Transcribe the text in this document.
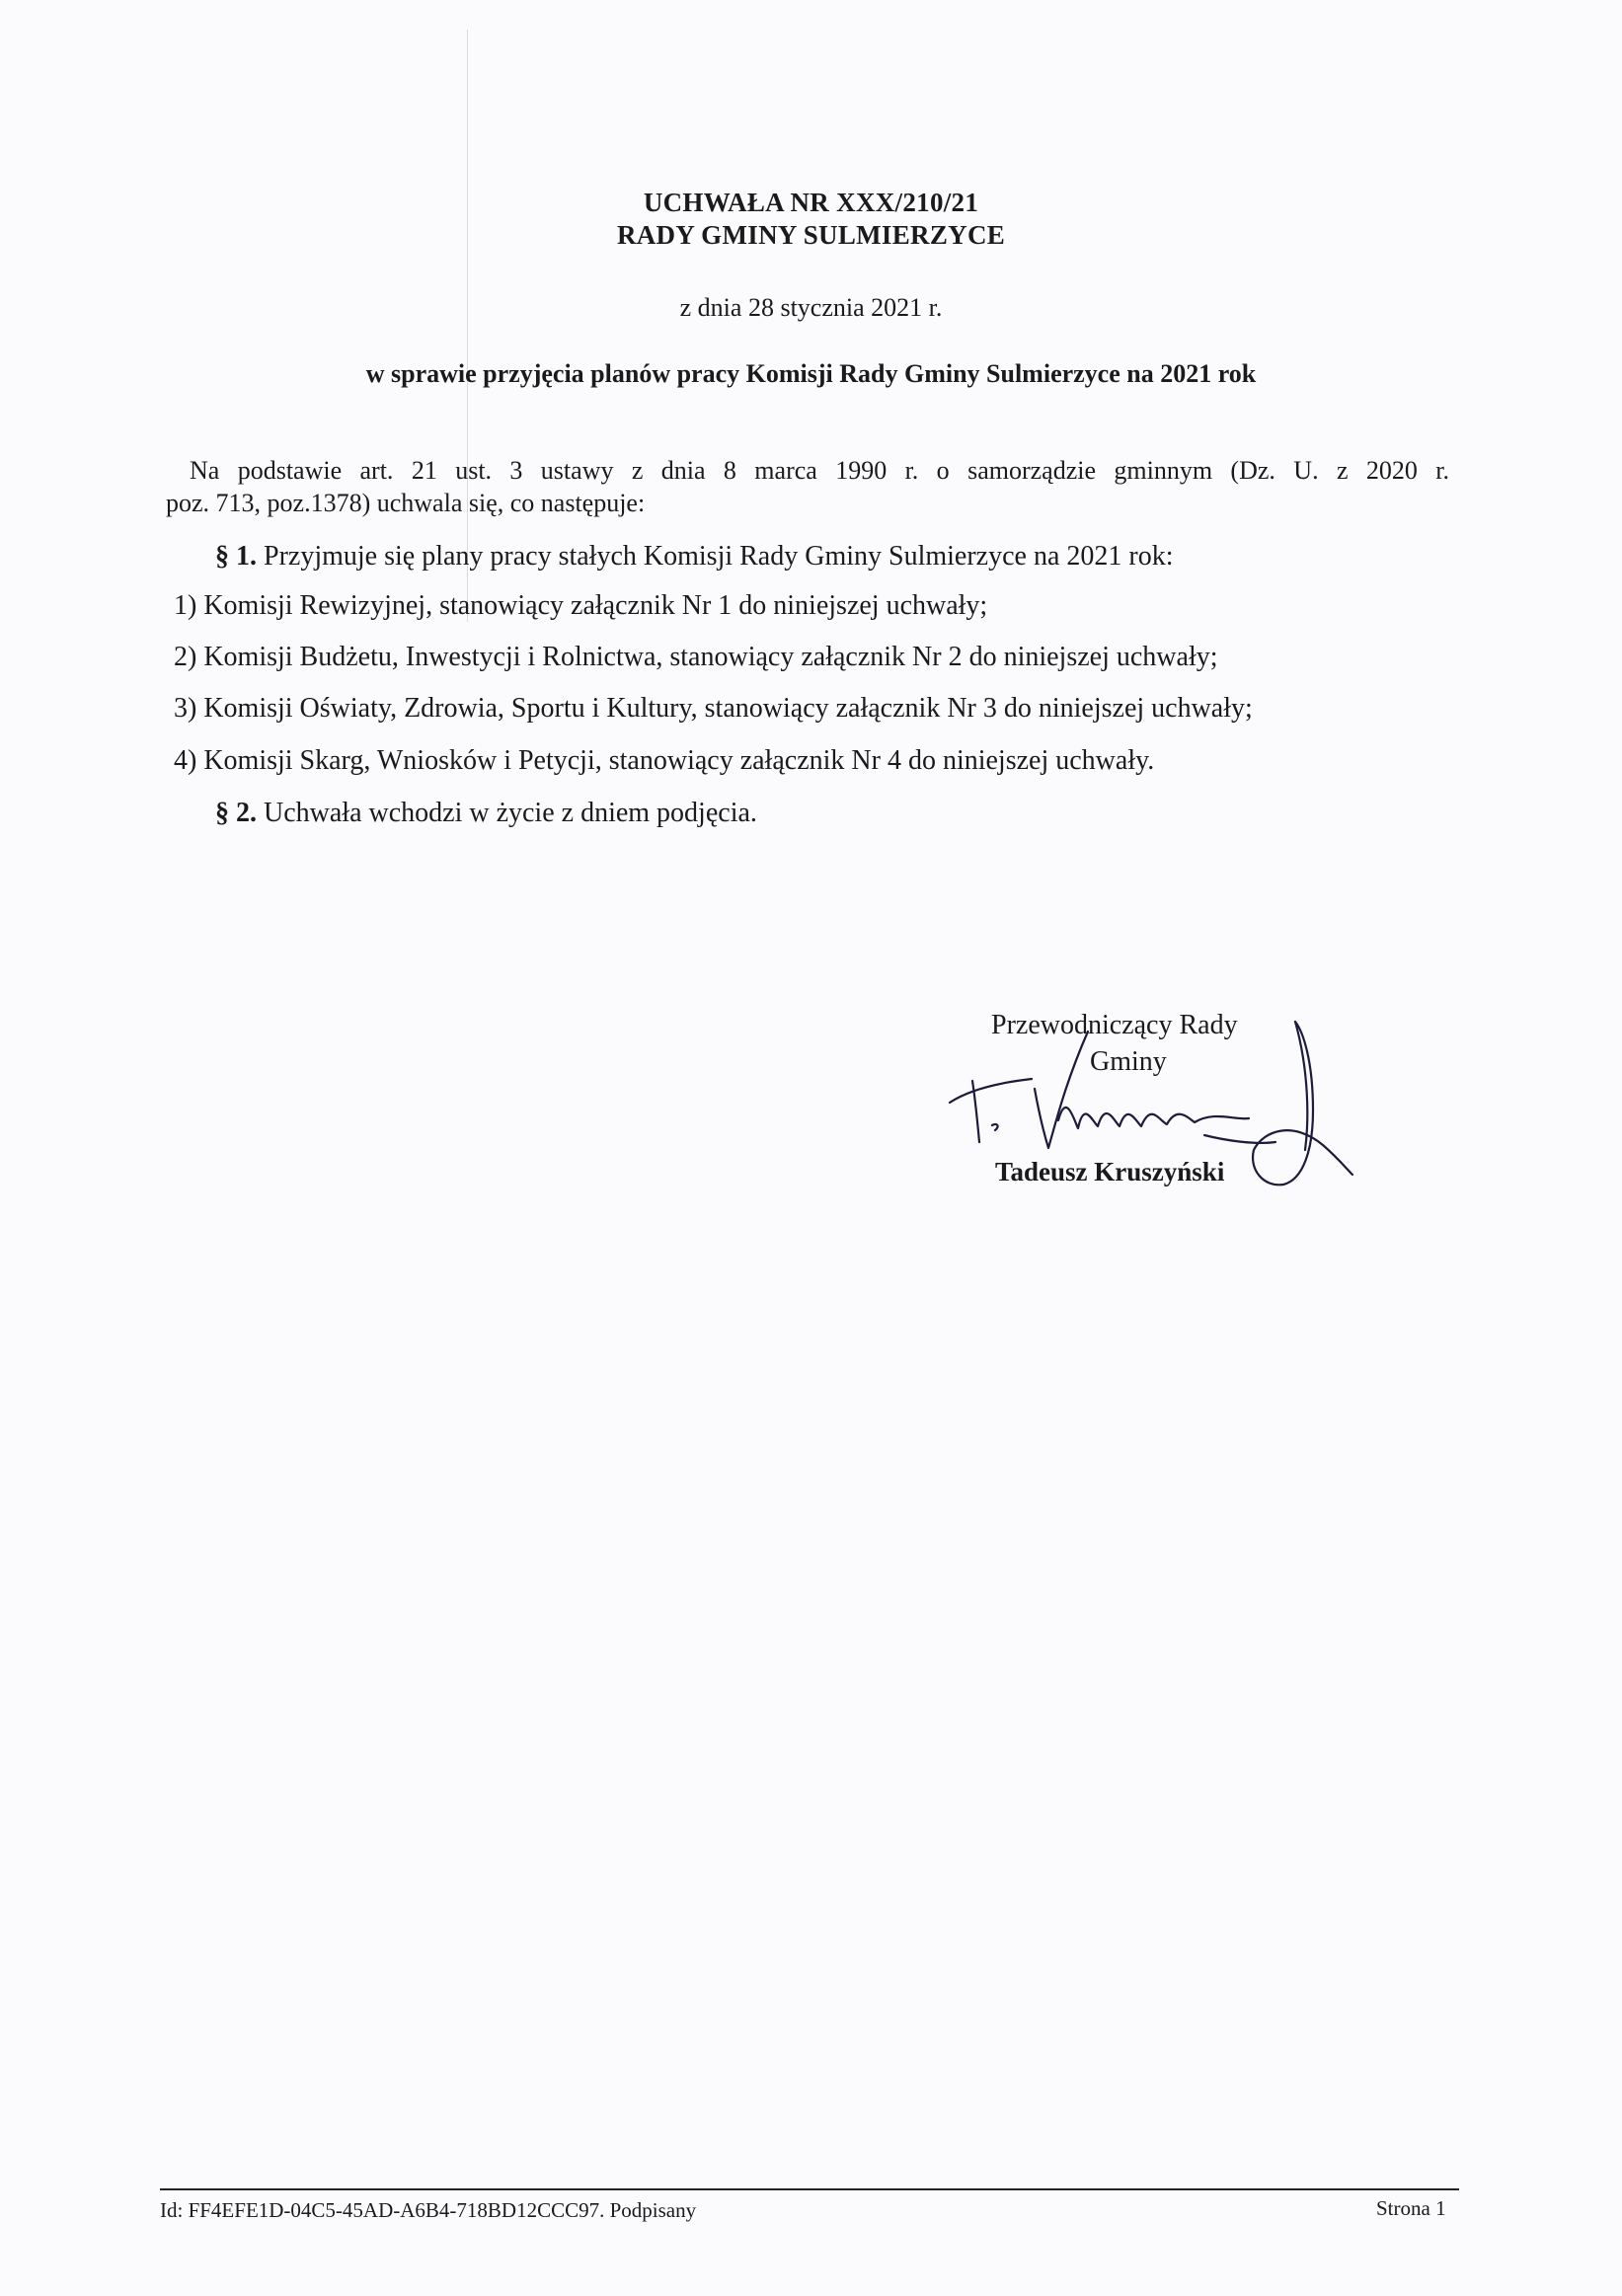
UCHWAŁA NR XXX/210/21
RADY GMINY SULMIERZYCE
z dnia 28 stycznia 2021 r.
w sprawie przyjęcia planów pracy Komisji Rady Gminy Sulmierzyce na 2021 rok
Na podstawie art. 21 ust. 3 ustawy z dnia 8 marca 1990 r. o samorządzie gminnym (Dz. U. z 2020 r.
poz. 713, poz.1378) uchwala się, co następuje:
§ 1. Przyjmuje się plany pracy stałych Komisji Rady Gminy Sulmierzyce na 2021 rok:
1) Komisji Rewizyjnej, stanowiący załącznik Nr 1 do niniejszej uchwały;
2) Komisji Budżetu, Inwestycji i Rolnictwa, stanowiący załącznik Nr 2 do niniejszej uchwały;
3) Komisji Oświaty, Zdrowia, Sportu i Kultury, stanowiący załącznik Nr 3 do niniejszej uchwały;
4) Komisji Skarg, Wniosków i Petycji, stanowiący załącznik Nr 4 do niniejszej uchwały.
§ 2. Uchwała wchodzi w życie z dniem podjęcia.
Przewodniczący Rady
Gminy
Tadeusz Kruszyński
Id: FF4EFE1D-04C5-45AD-A6B4-718BD12CCC97. Podpisany	Strona 1
